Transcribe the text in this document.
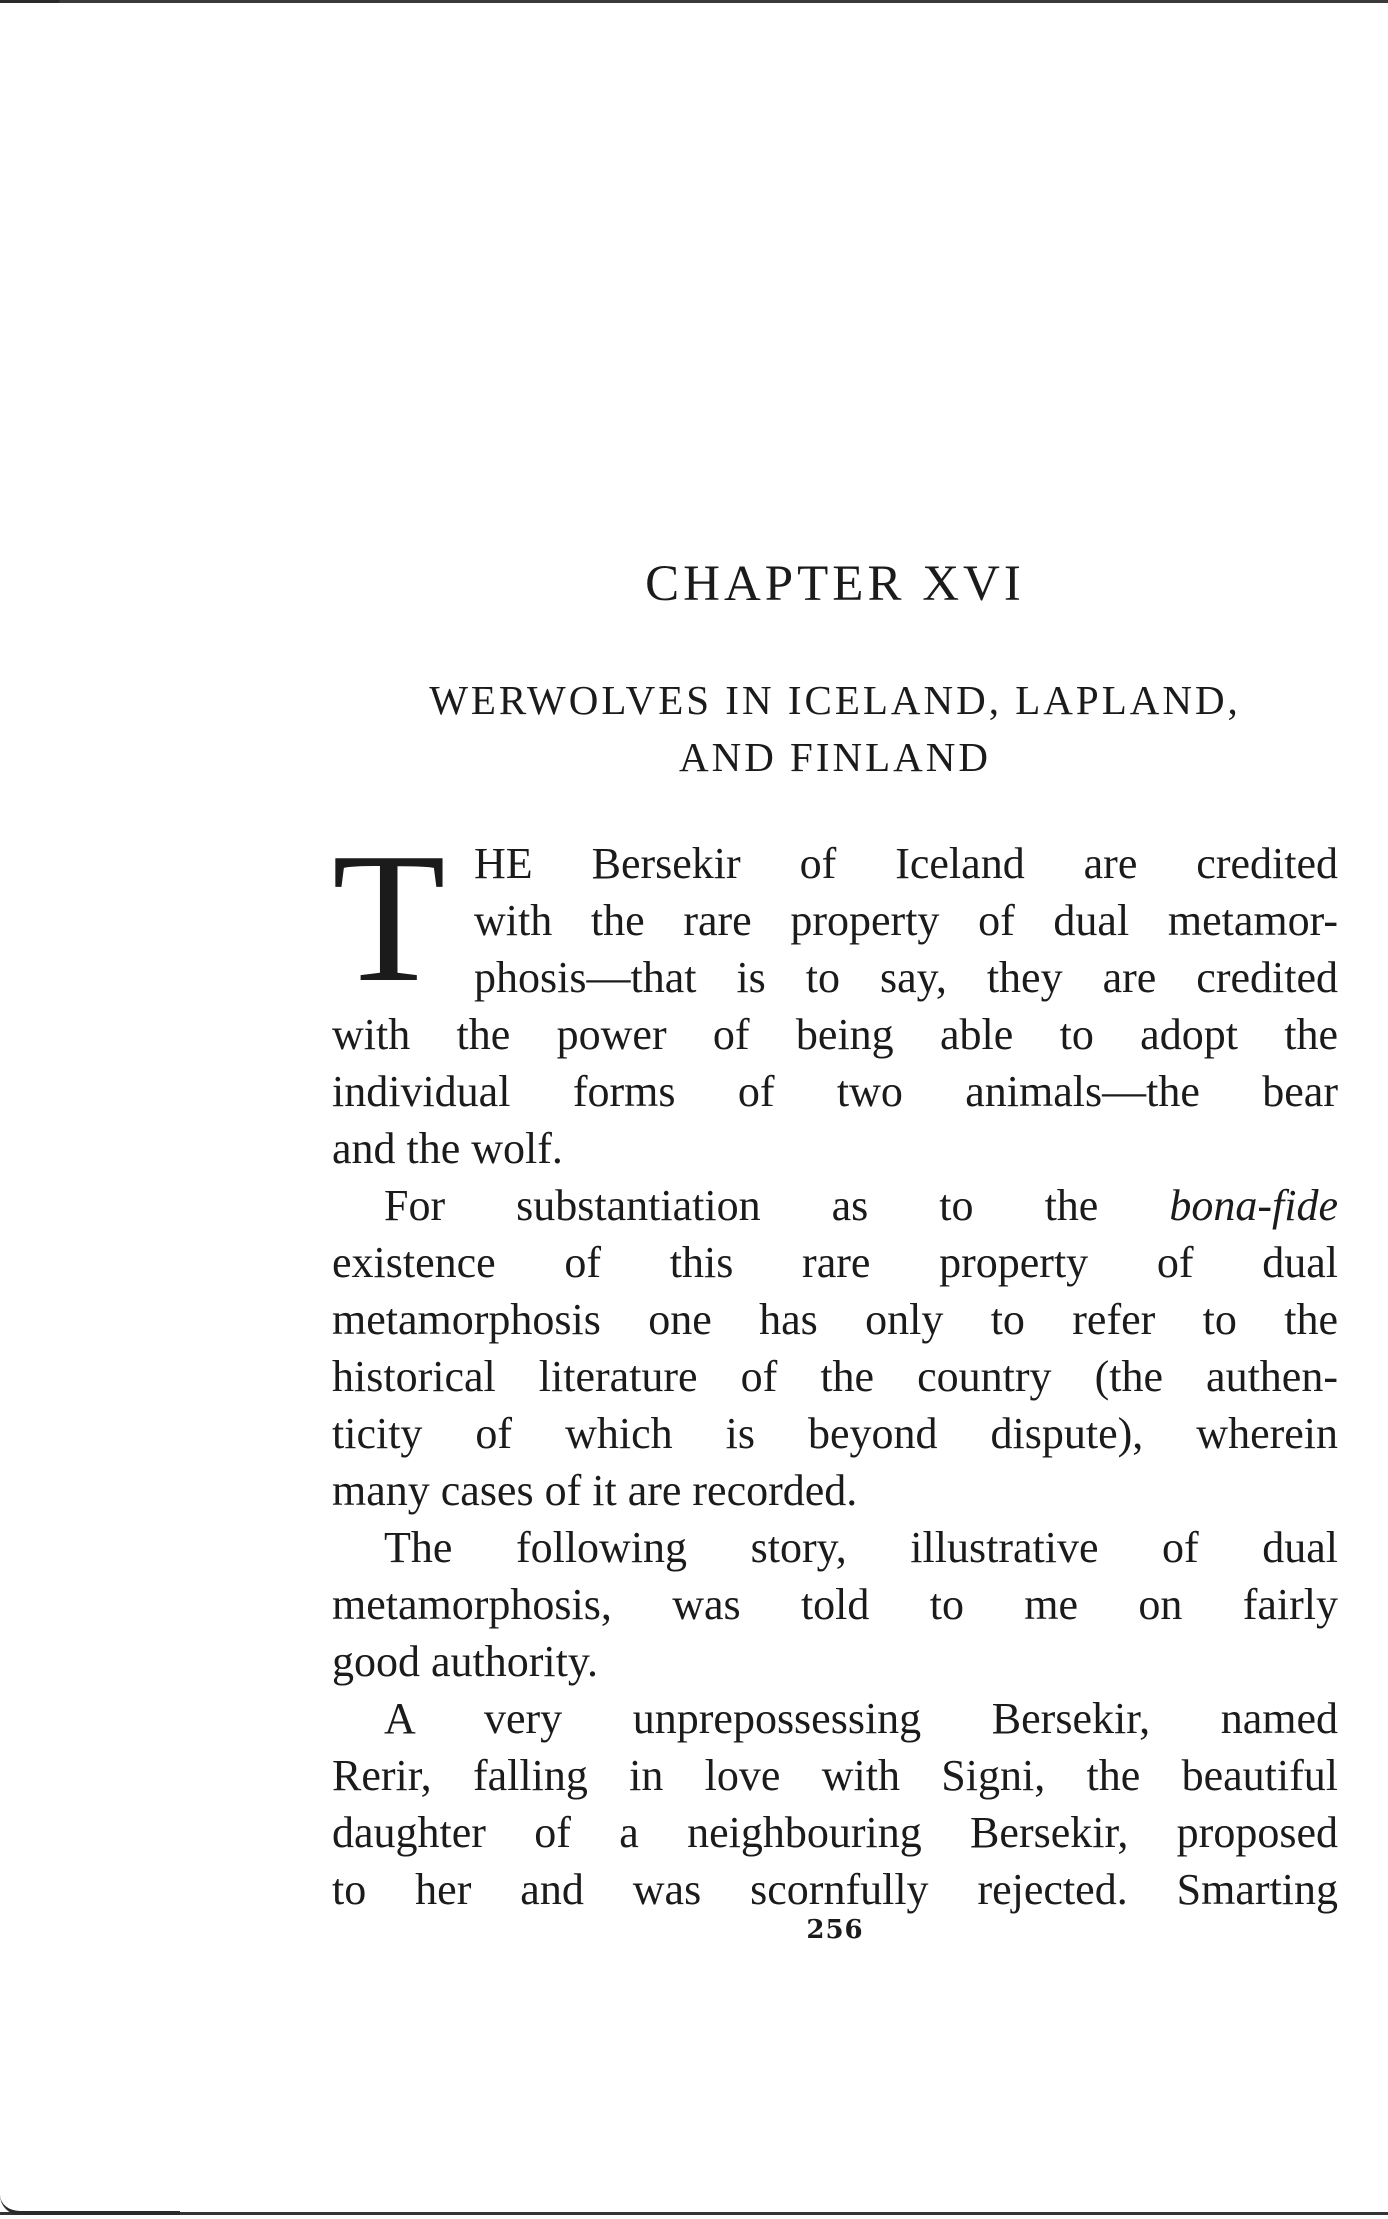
CHAPTER XVI
WERWOLVES IN ICELAND, LAPLAND,
AND FINLAND
T HE Bersekir of Iceland are credited
with the rare property of dual metamor-
phosis—that is to say, they are credited
with the power of being able to adopt the
individual forms of two animals—the bear
and the wolf.
For substantiation as to the bona-fide
existence of this rare property of dual
metamorphosis one has only to refer to the
historical literature of the country (the authen-
ticity of which is beyond dispute), wherein
many cases of it are recorded.
The following story, illustrative of dual
metamorphosis, was told to me on fairly
good authority.
A very unprepossessing Bersekir, named
Rerir, falling in love with Signi, the beautiful
daughter of a neighbouring Bersekir, proposed
to her and was scornfully rejected. Smarting
256
